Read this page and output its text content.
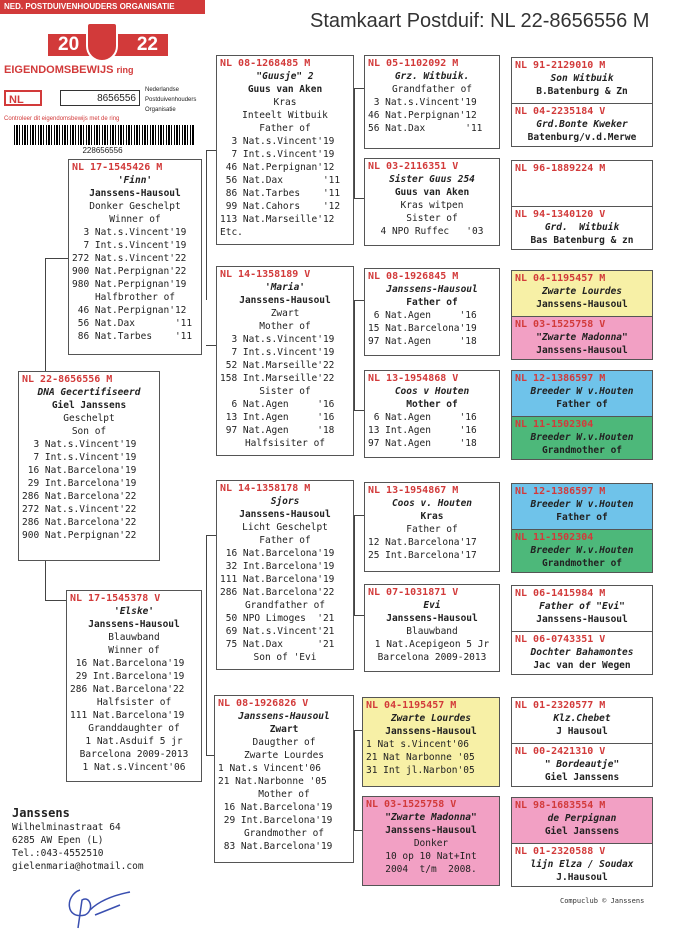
Stamkaart Postduif: NL 22-8656556 M
NED. POSTDUIVENHOUDERS ORGANISATIE
20	22
EIGENDOMSBEWIJS ring
NL	8656556
Nederlandse
Postduivenhouders
Organisatie
Controleer dit eigendomsbewijs met de ring
228656556
NL 22-8656556 M
DNA Gecertifiseerd
Giel Janssens
Geschelpt
Son of
3 Nat.s.Vincent'19
7 Int.s.Vincent'19
16 Nat.Barcelona'19
29 Int.Barcelona'19
286 Nat.Barcelona'22
272 Nat.s.Vincent'22
286 Nat.Barcelona'22
900 Nat.Perpignan'22
NL 17-1545426 M
'Finn'
Janssens-Hausoul
Donker Geschelpt
Winner of
3 Nat.s.Vincent'19
7 Int.s.Vincent'19
272 Nat.s.Vincent'22
900 Nat.Perpignan'22
980 Nat.Perpignan'19
Halfbrother of
46 Nat.Perpignan'12
56 Nat.Dax       '11
86 Nat.Tarbes    '11
NL 17-1545378 V
'Elske'
Janssens-Hausoul
Blauwband
Winner of
16 Nat.Barcelona'19
29 Int.Barcelona'19
286 Nat.Barcelona'22
Halfsister of
111 Nat.Barcelona'19
Granddaughter of
1 Nat.Asduif 5 jr
Barcelona 2009-2013
1 Nat.s.Vincent'06
NL 08-1268485 M
"Guusje" 2
Guus van Aken
Kras
Inteelt Witbuik
Father of
3 Nat.s.Vincent'19
7 Int.s.Vincent'19
46 Nat.Perpignan'12
56 Nat.Dax       '11
86 Nat.Tarbes    '11
99 Nat.Cahors    '12
113 Nat.Marseille'12
Etc.
NL 14-1358189 V
'Maria'
Janssens-Hausoul
Zwart
Mother of
3 Nat.s.Vincent'19
7 Int.s.Vincent'19
52 Nat.Marseille'22
158 Int.Marseille'22
Sister of
6 Nat.Agen     '16
13 Int.Agen     '16
97 Nat.Agen     '18
Halfsisiter of
NL 14-1358178 M
Sjors
Janssens-Hausoul
Licht Geschelpt
Father of
16 Nat.Barcelona'19
32 Int.Barcelona'19
111 Nat.Barcelona'19
286 Nat.Barcelona'22
Grandfather of
50 NPO Limoges  '21
69 Nat.s.Vincent'21
75 Nat.Dax      '21
Son of 'Evi
NL 08-1926826 V
Janssens-Hausoul
Zwart
Daugther of
Zwarte Lourdes
1 Nat.s Vincent'06
21 Nat.Narbonne '05
Mother of
16 Nat.Barcelona'19
29 Int.Barcelona'19
Grandmother of
83 Nat.Barcelona'19
NL 05-1102092 M
Grz. Witbuik.
Grandfather of
3 Nat.s.Vincent'19
46 Nat.Perpignan'12
56 Nat.Dax       '11
NL 03-2116351 V
Sister Guus 254
Guus van Aken
Kras witpen
Sister of
4 NPO Ruffec   '03
NL 08-1926845 M
Janssens-Hausoul
Father of
6 Nat.Agen     '16
15 Nat.Barcelona'19
97 Nat.Agen     '18
NL 13-1954868 V
Coos v Houten
Mother of
6 Nat.Agen     '16
13 Int.Agen     '16
97 Nat.Agen     '18
NL 13-1954867 M
Coos v. Houten
Kras
Father of
12 Nat.Barcelona'17
25 Int.Barcelona'17
NL 07-1031871 V
Evi
Janssens-Hausoul
Blauwband
1 Nat.Acepigeon 5 Jr
Barcelona 2009-2013
NL 04-1195457 M
Zwarte Lourdes
Janssens-Hausoul
1 Nat s.Vincent'06
21 Nat Narbonne '05
31 Int jl.Narbon'05
NL 03-1525758 V
"Zwarte Madonna"
Janssens-Hausoul
Donker
10 op 10 Nat+Int
2004  t/m  2008.
NL 91-2129010 M
Son Witbuik
B.Batenburg & Zn
NL 04-2235184 V
Grd.Bonte Kweker
Batenburg/v.d.Merwe
NL 96-1889224 M
NL 94-1340120 V
Grd.  Witbuik
Bas Batenburg & zn
NL 04-1195457 M
Zwarte Lourdes
Janssens-Hausoul
NL 03-1525758 V
"Zwarte Madonna"
Janssens-Hausoul
NL 12-1386597 M
Breeder W v.Houten
Father of
NL 11-1502304
Breeder W.v.Houten
Grandmother of
NL 12-1386597 M
Breeder W v.Houten
Father of
NL 11-1502304
Breeder W.v.Houten
Grandmother of
NL 06-1415984 M
Father of "Evi"
Janssens-Hausoul
NL 06-0743351 V
Dochter Bahamontes
Jac van der Wegen
NL 01-2320577 M
Klz.Chebet
J Hausoul
NL 00-2421310 V
" Bordeautje"
Giel Janssens
NL 98-1683554 M
de Perpignan
Giel Janssens
NL 01-2320588 V
lijn Elza / Soudax
J.Hausoul
Janssens
Wilhelminastraat 64
6285 AW Epen (L)
Tel.:043-4552510
gielenmaria@hotmail.com
Compuclub © Janssens
